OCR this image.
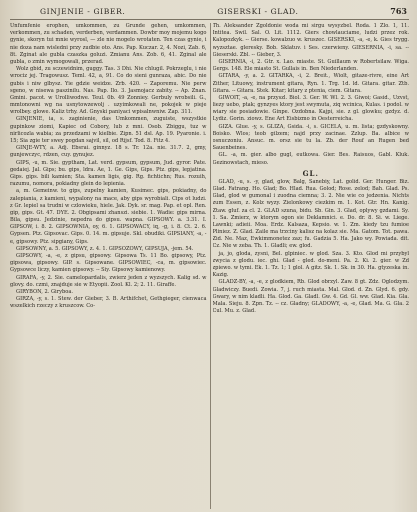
GINJENIE - GIBER.	GISERSKI - GLAD.	763

Unfumfenie erophen, umkommen, zu Grunde gehen, umkommen, verkommen, zu schaden, verderben, verdammen. Dowbr moy mojemu kogo gynie, skoryn tui mnie wyrosl, — zle nie mogelo wrotaten. Ten czas gynie, i nie doza nam wisledni przy zudbie oto. Ans. Pap. Kuczar. 2, 4. Nozi, Zab. 6, 8t. Zginat ale gubla czaszka goluzi. Zmianu Ans. Zob. 6, 41. Zginal ale gubla, o zmin wymogowali, przerad.

Wolz gbid, zu sczewidnim, guggy. Tas. 3 Dhi. Nie chlugil. Pokrzeglu, i nie wrociz jej. Tragowusz. Teml. 42, a, 91. Co do sieni gunraza, abic. Do nie gubis i niw glbysz. Yie gdzie weidze. Zrb. 420. -- Zaporemu. Nie perw sgeno, w nisewa paszinilu. Nas. Pap. Ilo. 3. Jasmojacz zabity. -- Ap. Znan. Gmini. pacot. w Urolliwodwe. Teul. 0b. 49 Zonniey. Gerbuly wrobsili. G., mmtonowni wg na usnytowzewolj . uzyimkowali ne, pokojek w pieje wrolbey. glowe. Kaliz trhy. Ad. Gnyski paniyaci wpisalnwniw. Zap. 311.

GINJENIE, ia, s. zaginienie, das Umkommen, zuguiste, wszystkie gupinkow ziomi, Kapiec od Cobory, lub z mni. Osob. Zbiggu, tuz w nirlicozla wabia; za przedzami w kielbie. Zipn. 51 dsl. Ap. 19. Pyaronie. i. 15; Sia zgie ter swey pogdan sajvil, sil, od Rijsf. Tod. 8. Fitz 4.

GINJE-WTY, a. Adj. Ebsrai. ginnyz. 18 s. Tr. 12a. nie. 31.7. 2, gmy, gunjewczyc, rdzen, cuy. gynujez.

GIPS, -u, m. Sie. gyptham, Lat. verd. gypsum, gypsum, Jud. gyror. Pate. gedaiej. Jal. Gips; bu. gips, ldra. Ae, 1. Ge. Gips, Gips. Ptz. gips, lepjatina. Gips. gips. bili kamien; Sta. kamen ligis, gig. Rg. fichtichn; Rus. rozuih, razumu, nomora, pokiadny glein do lepienia.

a, m. Gemeinw. to gips, zupelny kamien, Kusimec. gips, pokiadny, do zalepiania, z kamieni, wypalony na mace, aby gips wyrobiali. Cips ot ludzi. z Gr. lepiel sa trudni w czlowieku, hiele. Jak. Dyk. sr. mag. Pap. et opl. Ren. gip, gips. Gt. 47. DYE. 2. Obgipsami zhanszi. siebie. 1. Wadie: gips mirna. Bila, gipsu. Jedzinie, nepedra do gipsu. wapna. GIPSOWY. a. 3.31. I. GIPSOW, i. 8. 2. GIPSOWNIA, oy, 6. 1. GIPSOWACY, iq, -g, i. 8. Ct. 2. 6. Gypsen. Ptz. Gipsovac. Gips. 0. 14. m. gipsuje. Skl. obudiki. GIPSIANY, -a, -e, gipsowy. Ptz. sipgiany, Gips.

GIPSOWNY, a. 5. GIPSOWY, z. 4. 1. GIPSOZOWY, GIPSUJA, -jem. 54.

GIPSOWY, -a, -e, z gipsu, gipsowy. Gipsowa Ts. 11 Bo. gipsowy, Ptz. gipsowa, gipsowy. GIP. s. Gipsowane. GIPSOWIEC, -ca, m. gipsowiec. Gypsowce liczy, kamien gipsowy. -- Siy. Gipsowy kamienowy.

GIRAFA, -y, 2. Sie. camelopardalis, zwierz jeden z wyzszych. Kalig sd. w glovy. do. czmi, znajduje sie w Etyopii. Zool. Kl. 2; 2. 11. Giraffe.

GIRYBON, 2. Giryboa.

GIRZA, -y, s. 1. Stew. der Gieber, 3. B. Arthifchet, Gethgieger, cienwaca wszelkich rzeczy z kruszcow. Co-

Th. Aleksander Zgoldonie woda mi sirgu wysyzbel. Roda. 1 Zlo. 1, 11. Intitea. Swil. Sal. O. Lit. 1112. Giers chowlauciame, ludzi przez rok. Kalopozkyk. -- Gierse. kowalzuo w. kruszec. GISERSKI, -a, -e, k. Gies trygg. wyzsztae. gleresky. Bob. Sklatuv. i Ses. czerwieny. GIESERNIA, -i, sa. -- Gieserski. Zbl. -- Gieber, 3.

GISERNIA, -i, 2. Gtr. x. Lao. miaste. St. Guillaum w Robertsilaw. Wiga. Gergs. 148. Ele miasto St. Gullais in. Ben Niederlanden.

GITARA, -y, a. 2. GITARKA, -i, 2. Breit., Wiolt, gitaze-rivre, eine Art Zither, Lituowy, instrument gitara, Ryn. 1. Trg. 1d. ld. Gitara. gitar. Ztb. Gitara. -- Gitara. Stek. Kitar; kitary z ptenia, ciem. Gitara.

GIWOIT, -a, -e, na przyszl. Biol. 3. Ger. W. Wl. 2. 3. Giwoi; Gasid., Uzvst, liezy uebo, ptak; gynzyes ktory jest swymuta, ziq wcinica, Kulas. i podol. w wiary sie posiadowie. Ginpe. Ozdobna. Kajpi, sie. z gl. glowku; gzdyz. d. Lydiz. Gorin. ziowz. Ene Art Eisbizmo in Oesterreicha.

GIZA. Glue. -y, s. GLIZA, Gsida. -i, s. GICELA, u. m. lista; gzdyskowny. Boisko. Wlos; teob gilzem; najd przy zacinae. Zzlup. Ba. albice w osnuczoniu. Ansuc. m. orsz sie tu la. Zb. der Rouf an Rugen bed Sauenbeines.

GL. -a, m. gier. albo gugl, eutkowa. Gier. Bes. Raisuos, Gabl. Kluk. Gezinowstach, mieso.

GL.

GLAD, -u, s. -y, glad, glow, Balg, Sanebiy, Lat. golid. Ger. Hunger. Biz. Glad. Fatrang. Ho. Glad; Bo. Hlad. Rua. Golod; Rose. zelod; Bah. Glad. Ps. Glad, glod w gumonal i zuodna ciemna; 3. 2. Nie wie co jedzenia. Nichts zum Essen, z. Kolz wyzy. Zielonkowy ciezkim m. 1. Kot. Gtr. Hn. Kanig. Ztaw. gluf. za cl. 2. GLAD szuna, bidu. Sb. Gin. 3. Glad, oplywy gzdami. Sy. 1. Sa. Zmierz, w ktorym ogon sie Deklamnici. e. Do. dr. 8. Si. w. Liege. Lawnki; adieii. Moa. Erdz. Kalsaza, Kepsio. w. 1. Zm. kiedy tzu fumioe Pliniez. Z. Glad. Zaile ma trzciny kalisz na kolaz sie. Ma. Gatom. Tot. pawa. Zid. Ne. Maz, Ewkimmonetez zaz; fu. Gadzia 5. Ha. Jako wy. Powiada. dit. Cz. Nie w zeba. Th. 1. Gladli; ew. glod.

ja, jo, gloda, zysni, Bel. glpiniec. w glod. Sza. 3. Kto. Glod mi przybyl zwycia z glodu. iec. ghi. Glad - gled. do-meni. Pa. 2. Ki. 2. gier. w Zd zpiewo. w tymi. Ek. 1. Tz. 1; 1 glol. A gitz. Sk. 1. Sk. in 30. Ha. gtyzeska in. Kazig.

GLADZ-BY, -a, -e, z glodkiem, Rb. Glod obrzyl. Zaw. 8 gt. Zdz. Oglodzym. Gladwiczy. Buedi. Zowia. 7, j. ruch miasta. Mal. Glod. d. Zn. Glyd. 6. gdy. Gwary, w nim kladli. Ha. Glod. Ga. Gladl. Gw. 4. Gd. Gl. ww. Glad. Kia. Gla. Mala. Sieju. 8. Zpn. Tz. -- cz. Gladny; GLADOWY, -a, -e, Glad. Ma. G. Gla. 2 Cul. Mu. z. Glad.
